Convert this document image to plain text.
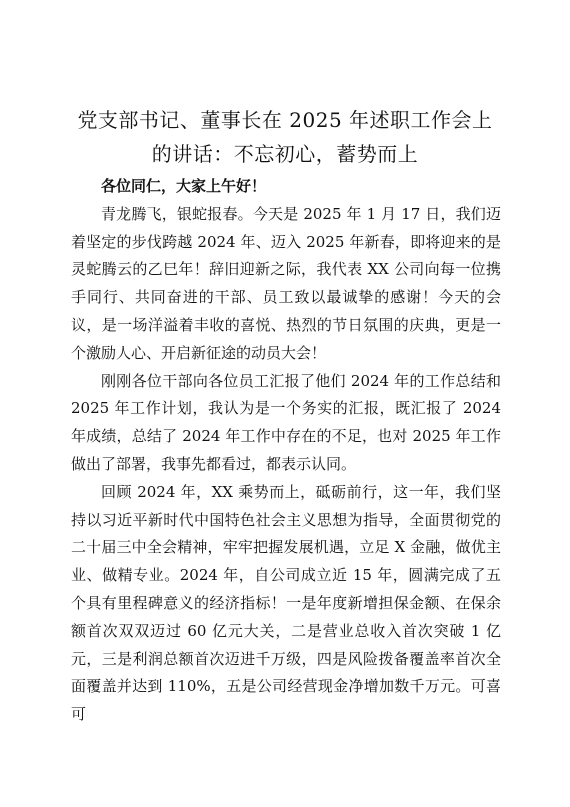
党支部书记、董事长在 2025 年述职工作会上
的讲话：不忘初心，蓄势而上

各位同仁，大家上午好！

青龙腾飞，银蛇报春。今天是 2025 年 1 月 17 日，我们迈着坚定的步伐跨越 2024 年、迈入 2025 年新春，即将迎来的是灵蛇腾云的乙巳年！辞旧迎新之际，我代表 XX 公司向每一位携手同行、共同奋进的干部、员工致以最诚挚的感谢！今天的会议，是一场洋溢着丰收的喜悦、热烈的节日氛围的庆典，更是一个激励人心、开启新征途的动员大会！

刚刚各位干部向各位员工汇报了他们 2024 年的工作总结和 2025 年工作计划，我认为是一个务实的汇报，既汇报了 2024 年成绩，总结了 2024 年工作中存在的不足，也对 2025 年工作做出了部署，我事先都看过，都表示认同。

回顾 2024 年，XX 乘势而上，砥砺前行，这一年，我们坚持以习近平新时代中国特色社会主义思想为指导，全面贯彻党的二十届三中全会精神，牢牢把握发展机遇，立足 X 金融，做优主业、做精专业。2024 年，自公司成立近 15 年，圆满完成了五个具有里程碑意义的经济指标！一是年度新增担保金额、在保余额首次双双迈过 60 亿元大关，二是营业总收入首次突破 1 亿元，三是利润总额首次迈进千万级，四是风险拨备覆盖率首次全面覆盖并达到 110%，五是公司经营现金净增加数千万元。可喜可
